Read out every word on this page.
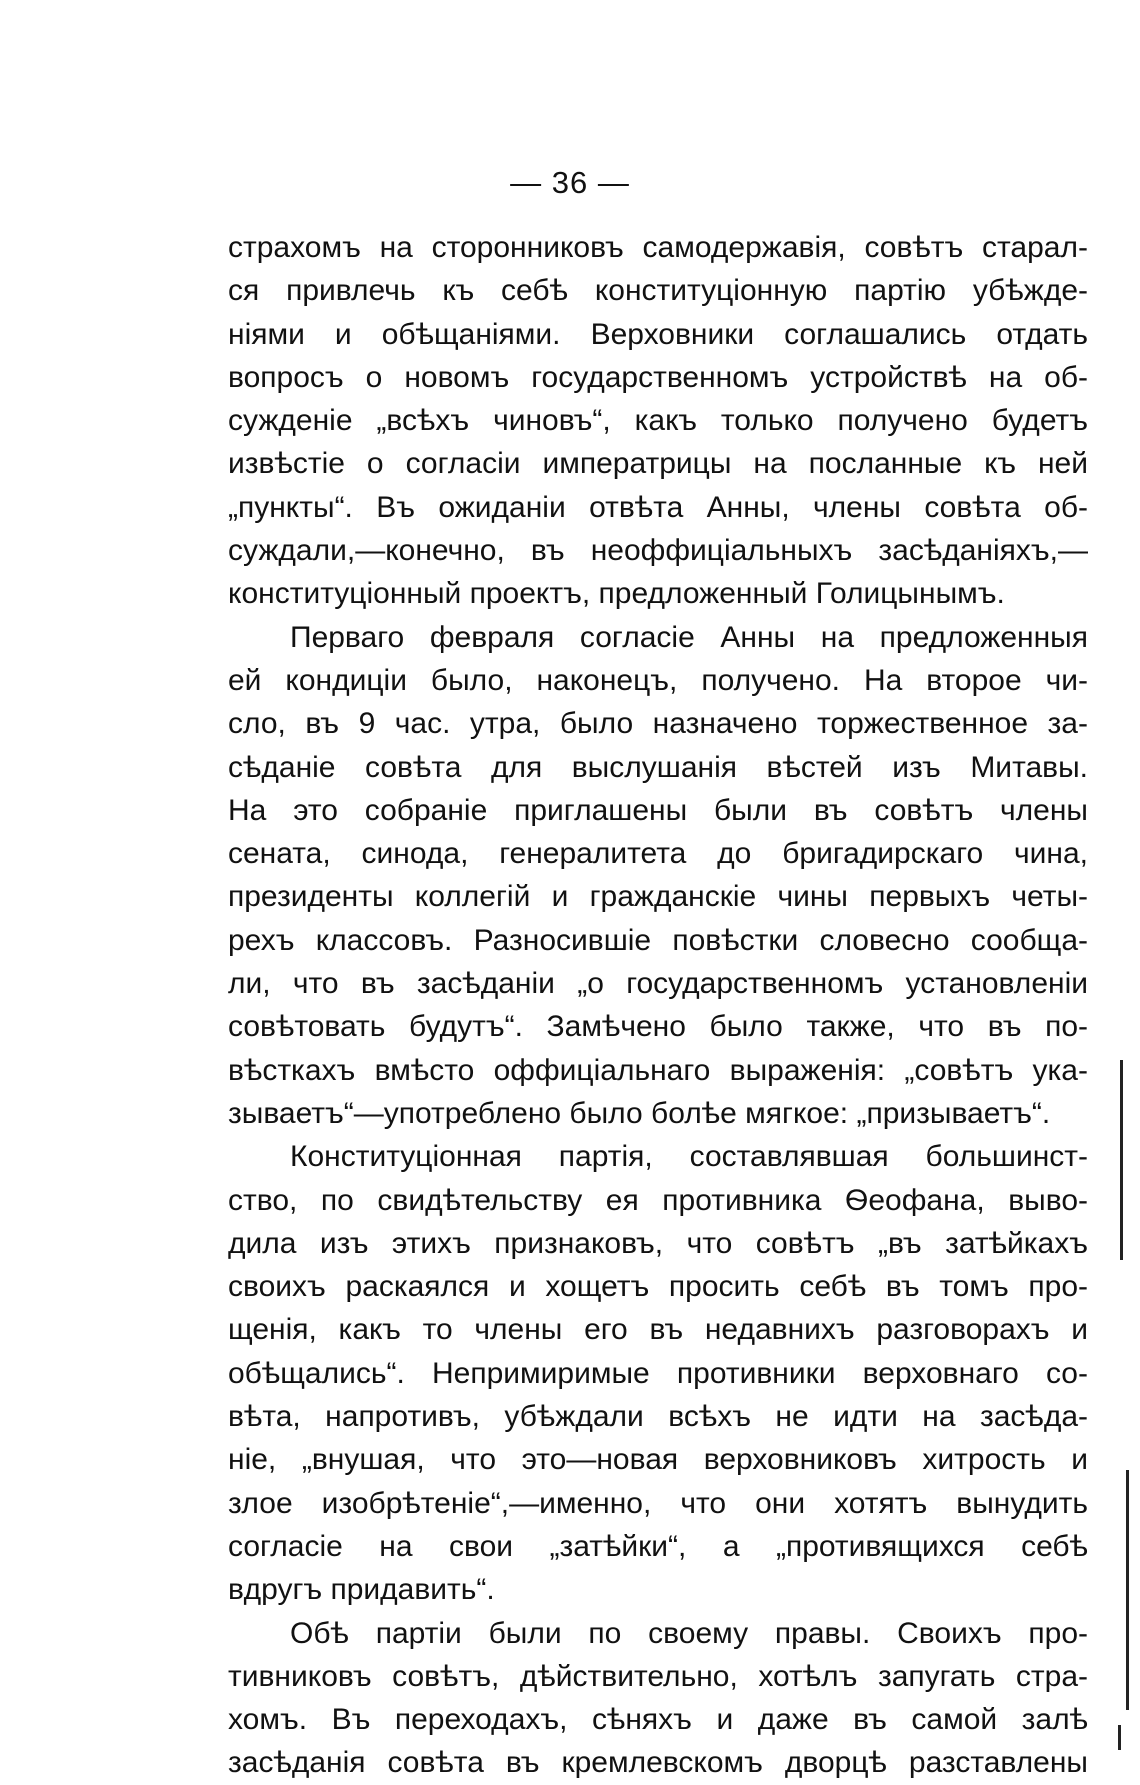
— 36 —
страхомъ на сторонниковъ самодержавія, совѣтъ старал-
ся привлечь къ себѣ конституціонную партію убѣжде-
ніями и обѣщаніями. Верховники соглашались отдать
вопросъ о новомъ государственномъ устройствѣ на об-
сужденіе „всѣхъ чиновъ“, какъ только получено будетъ
извѣстіе о согласіи императрицы на посланные къ ней
„пункты“. Въ ожиданіи отвѣта Анны, члены совѣта об-
суждали,—конечно, въ неоффиціальныхъ засѣданіяхъ,—
конституціонный проектъ, предложенный Голицынымъ.
Перваго февраля согласіе Анны на предложенныя
ей кондиціи было, наконецъ, получено. На второе чи-
сло, въ 9 час. утра, было назначено торжественное за-
сѣданіе совѣта для выслушанія вѣстей изъ Митавы.
На это собраніе приглашены были въ совѣтъ члены
сената, синода, генералитета до бригадирскаго чина,
президенты коллегій и гражданскіе чины первыхъ четы-
рехъ классовъ. Разносившіе повѣстки словесно сообща-
ли, что въ засѣданіи „о государственномъ установленіи
совѣтовать будутъ“. Замѣчено было также, что въ по-
вѣсткахъ вмѣсто оффиціальнаго выраженія: „совѣтъ ука-
зываетъ“—употреблено было болѣе мягкое: „призываетъ“.
Конституціонная партія, составлявшая большинст-
ство, по свидѣтельству ея противника Ѳеофана, выво-
дила изъ этихъ признаковъ, что совѣтъ „въ затѣйкахъ
своихъ раскаялся и хощетъ просить себѣ въ томъ про-
щенія, какъ то члены его въ недавнихъ разговорахъ и
обѣщались“. Непримиримые противники верховнаго со-
вѣта, напротивъ, убѣждали всѣхъ не идти на засѣда-
ніе, „внушая, что это—новая верховниковъ хитрость и
злое изобрѣтеніе“,—именно, что они хотятъ вынудить
согласіе на свои „затѣйки“, а „противящихся себѣ
вдругъ придавить“.
Обѣ партіи были по своему правы. Своихъ про-
тивниковъ совѣтъ, дѣйствительно, хотѣлъ запугать стра-
хомъ. Въ переходахъ, сѣняхъ и даже въ самой залѣ
засѣданія совѣта въ кремлевскомъ дворцѣ разставлены
